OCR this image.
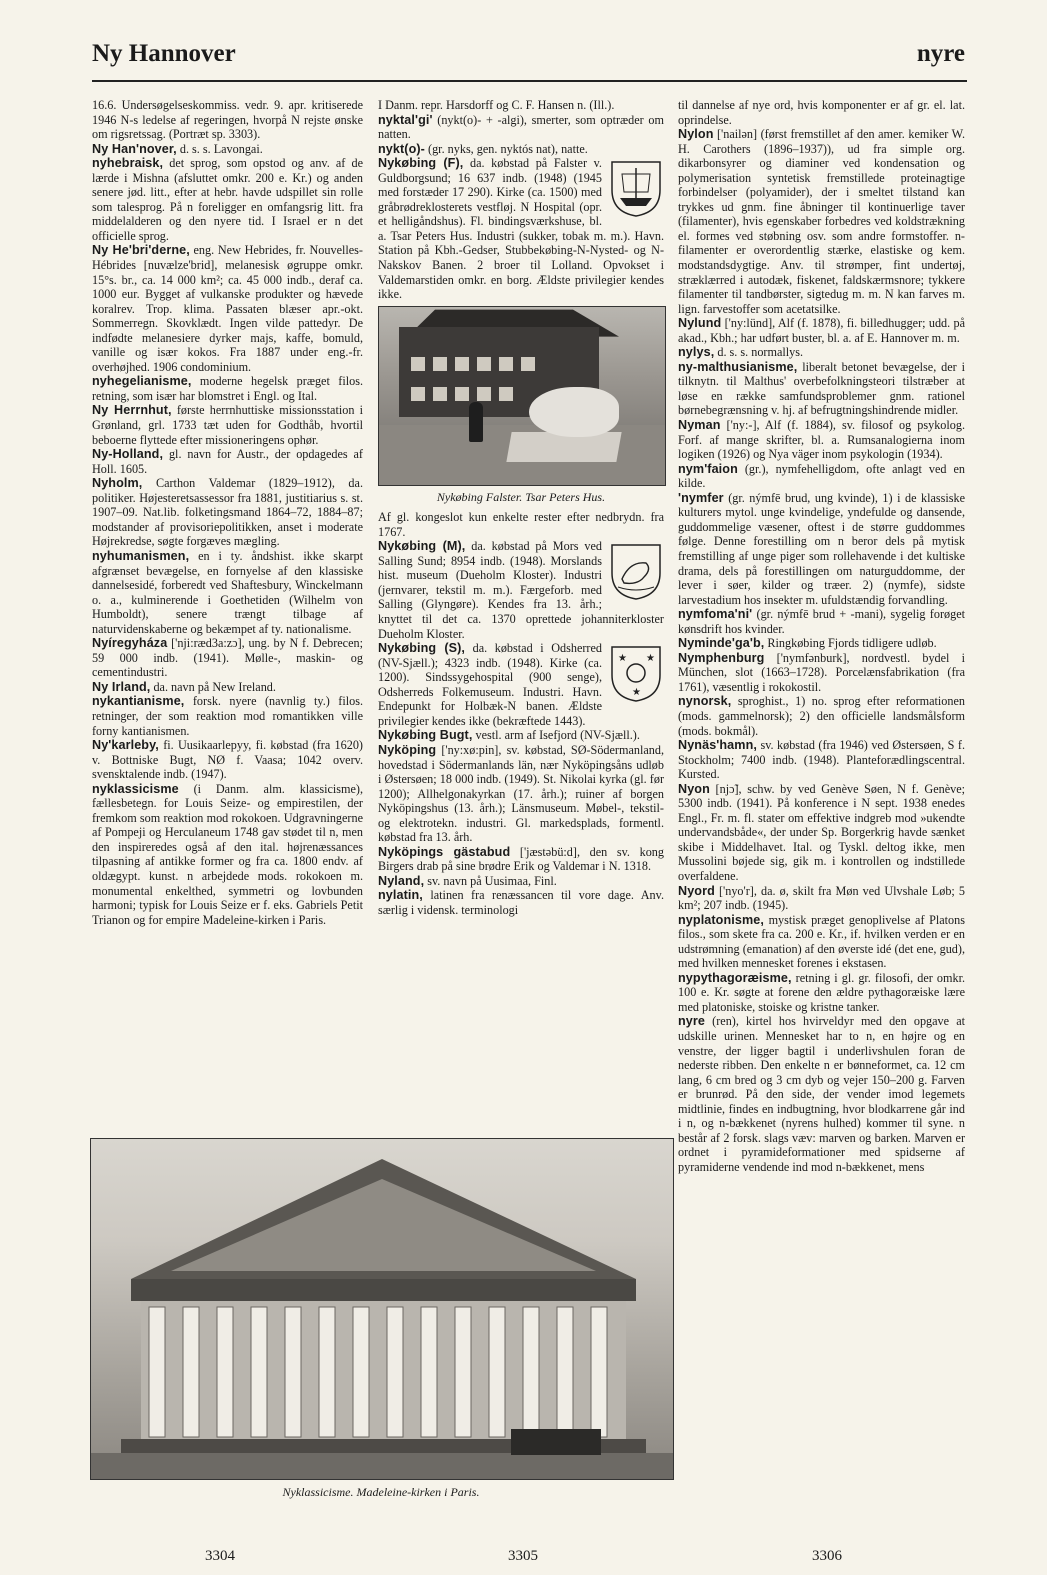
Ny Hannover	nyre

16.6. Undersøgelseskommiss. vedr. 9. apr. kritiserede 1946 N-s ledelse af regeringen, hvorpå N rejste ønske om rigsretssag. (Portræt sp. 3303).

Ny Han'nover, d. s. s. Lavongai.

nyhebraisk, det sprog, som opstod og anv. af de lærde i Mishna (afsluttet omkr. 200 e. Kr.) og anden senere jød. litt., efter at hebr. havde udspillet sin rolle som talesprog. På n foreligger en omfangsrig litt. fra middelalderen og den nyere tid. I Israel er n det officielle sprog.

Ny He'bri'derne, eng. New Hebrides, fr. Nouvelles-Hébrides [nuvælze'brid], melanesisk øgruppe omkr. 15°s. br., ca. 14 000 km²; ca. 45 000 indb., deraf ca. 1000 eur. Bygget af vulkanske produkter og hævede koralrev. Trop. klima. Passaten blæser apr.-okt. Sommerregn. Skovklædt. Ingen vilde pattedyr. De indfødte melanesiere dyrker majs, kaffe, bomuld, vanille og især kokos. Fra 1887 under eng.-fr. overhøjhed. 1906 condominium.

nyhegelianisme, moderne hegelsk præget filos. retning, som især har blomstret i Engl. og Ital.

Ny Herrnhut, første herrnhuttiske missionsstation i Grønland, grl. 1733 tæt uden for Godthåb, hvortil beboerne flyttede efter missioneringens ophør.

Ny-Holland, gl. navn for Austr., der opdagedes af Holl. 1605.

Nyholm, Carthon Valdemar (1829–1912), da. politiker. Højesteretsassessor fra 1881, justitiarius s. st. 1907–09. Nat.lib. folketingsmand 1864–72, 1884–87; modstander af provisoriepolitikken, anset i moderate Højrekredse, søgte forgæves mægling.

nyhumanismen, en i ty. åndshist. ikke skarpt afgrænset bevægelse, en fornyelse af den klassiske dannelsesidé, forberedt ved Shaftesbury, Winckelmann o. a., kulminerende i Goethetiden (Wilhelm von Humboldt), senere trængt tilbage af naturvidenskaberne og bekæmpet af ty. nationalisme.

Nyíregyháza ['nji:ræd3a:zɔ], ung. by N f. Debrecen; 59 000 indb. (1941). Mølle-, maskin- og cementindustri.

Ny Irland, da. navn på New Ireland.

nykantianisme, forsk. nyere (navnlig ty.) filos. retninger, der som reaktion mod romantikken ville forny kantianismen.

Ny'karleby, fi. Uusikaarlepyy, fi. købstad (fra 1620) v. Bottniske Bugt, NØ f. Vaasa; 1042 overv. svensktalende indb. (1947).

nyklassicisme (i Danm. alm. klassicisme), fællesbetegn. for Louis Seize- og empirestilen, der fremkom som reaktion mod rokokoen. Udgravningerne af Pompeji og Herculaneum 1748 gav stødet til n, men den inspireredes også af den ital. højrenæssances tilpasning af antikke former og fra ca. 1800 endv. af oldægypt. kunst. n arbejdede mods. rokokoen m. monumental enkelthed, symmetri og lovbunden harmoni; typisk for Louis Seize er f. eks. Gabriels Petit Trianon og for empire Madeleine-kirken i Paris.

I Danm. repr. Harsdorff og C. F. Hansen n. (Ill.).

nyktal'gi' (nykt(o)- + -algi), smerter, som optræder om natten.

nykt(o)- (gr. nyks, gen. nyktós nat), natte.

Nykøbing (F), da. købstad på Falster v. Guldborgsund; 16 637 indb. (1948) (1945 med forstæder 17 290). Kirke (ca. 1500) med gråbrødreklosterets vestfløj. N Hospital (opr. et helligåndshus). Fl. bindingsværkshuse, bl. a. Tsar Peters Hus. Industri (sukker, tobak m. m.). Havn. Station på Kbh.-Gedser, Stubbekøbing-N-Nysted- og N-Nakskov Banen. 2 broer til Lolland. Opvokset i Valdemarstiden omkr. en borg. Ældste privilegier kendes ikke.

Nykøbing Falster. Tsar Peters Hus.

Af gl. kongeslot kun enkelte rester efter nedbrydn. fra 1767.

Nykøbing (M), da. købstad på Mors ved Salling Sund; 8954 indb. (1948). Morslands hist. museum (Dueholm Kloster). Industri (jernvarer, tekstil m. m.). Færgeforb. med Salling (Glyngøre). Kendes fra 13. årh.; knyttet til det ca. 1370 oprettede johanniterkloster Dueholm Kloster.

★ ★
★
Nykøbing (S), da. købstad i Odsherred (NV-Sjæll.); 4323 indb. (1948). Kirke (ca. 1200). Sindssygehospital (900 senge), Odsherreds Folkemuseum. Industri. Havn. Endepunkt for Holbæk-N banen. Ældste privilegier kendes ikke (bekræftede 1443).

Nykøbing Bugt, vestl. arm af Isefjord (NV-Sjæll.).

Nyköping ['ny:xø:pin], sv. købstad, SØ-Södermanland, hovedstad i Södermanlands län, nær Nyköpingsåns udløb i Østersøen; 18 000 indb. (1949). St. Nikolai kyrka (gl. før 1200); Allhelgonakyrkan (17. årh.); ruiner af borgen Nyköpingshus (13. årh.); Länsmuseum. Møbel-, tekstil- og elektrotekn. industri. Gl. markedsplads, formentl. købstad fra 13. årh.

Nyköpings gästabud ['jæstəbü:d], den sv. kong Birgers drab på sine brødre Erik og Valdemar i N. 1318.

Nyland, sv. navn på Uusimaa, Finl.

nylatin, latinen fra renæssancen til vore dage. Anv. særlig i vidensk. terminologi

til dannelse af nye ord, hvis komponenter er af gr. el. lat. oprindelse.

Nylon ['nailən] (først fremstillet af den amer. kemiker W. H. Carothers (1896–1937)), ud fra simple org. dikarbonsyrer og diaminer ved kondensation og polymerisation syntetisk fremstillede proteinagtige forbindelser (polyamider), der i smeltet tilstand kan trykkes ud gnm. fine åbninger til kontinuerlige taver (filamenter), hvis egenskaber forbedres ved koldstrækning el. formes ved støbning osv. som andre formstoffer. n-filamenter er overordentlig stærke, elastiske og kem. modstandsdygtige. Anv. til strømper, fint undertøj, stræklærred i autodæk, fiskenet, faldskærmsnore; tykkere filamenter til tandbørster, sigtedug m. m. N kan farves m. lign. farvestoffer som acetatsilke.

Nylund ['ny:lünd], Alf (f. 1878), fi. billedhugger; udd. på akad., Kbh.; har udført buster, bl. a. af E. Hannover m. m.

nylys, d. s. s. normallys.

ny-malthusianisme, liberalt betonet bevægelse, der i tilknytn. til Malthus' overbefolkningsteori tilstræber at løse en række samfundsproblemer gnm. rationel børnebegrænsning v. hj. af befrugtningshindrende midler.

Nyman ['ny:-], Alf (f. 1884), sv. filosof og psykolog. Forf. af mange skrifter, bl. a. Rumsanalogierna inom logiken (1926) og Nya väger inom psykologin (1934).

nym'faion (gr.), nymfehelligdom, ofte anlagt ved en kilde.

'nymfer (gr. nýmfē brud, ung kvinde), 1) i de klassiske kulturers mytol. unge kvindelige, yndefulde og dansende, guddommelige væsener, oftest i de større guddommes følge. Denne forestilling om n beror dels på mytisk fremstilling af unge piger som rollehavende i det kultiske drama, dels på forestillingen om naturguddomme, der lever i søer, kilder og træer. 2) (nymfe), sidste larvestadium hos insekter m. ufuldstændig forvandling.

nymfoma'ni' (gr. nýmfē brud + -mani), sygelig forøget kønsdrift hos kvinder.

Nyminde'ga'b, Ringkøbing Fjords tidligere udløb.

Nymphenburg ['nymfənburk], nordvestl. bydel i München, slot (1663–1728). Porcelænsfabrikation (fra 1761), væsentlig i rokokostil.

nynorsk, sproghist., 1) no. sprog efter reformationen (mods. gammelnorsk); 2) den officielle landsmålsform (mods. bokmål).

Nynäs'hamn, sv. købstad (fra 1946) ved Østersøen, S f. Stockholm; 7400 indb. (1948). Planteforædlingscentral. Kursted.

Nyon [njɔ̃], schw. by ved Genève Søen, N f. Genève; 5300 indb. (1941). På konference i N sept. 1938 enedes Engl., Fr. m. fl. stater om effektive indgreb mod »ukendte undervandsbåde«, der under Sp. Borgerkrig havde sænket skibe i Middelhavet. Ital. og Tyskl. deltog ikke, men Mussolini bøjede sig, gik m. i kontrollen og indstillede overfaldene.

Nyord ['nyo'r], da. ø, skilt fra Møn ved Ulvshale Løb; 5 km²; 207 indb. (1945).

nyplatonisme, mystisk præget genoplivelse af Platons filos., som skete fra ca. 200 e. Kr., if. hvilken verden er en udstrømning (emanation) af den øverste idé (det ene, gud), med hvilken mennesket forenes i ekstasen.

nypythagoræisme, retning i gl. gr. filosofi, der omkr. 100 e. Kr. søgte at forene den ældre pythagoræiske lære med platoniske, stoiske og kristne tanker.

nyre (ren), kirtel hos hvirveldyr med den opgave at udskille urinen. Mennesket har to n, en højre og en venstre, der ligger bagtil i underlivshulen foran de nederste ribben. Den enkelte n er bønneformet, ca. 12 cm lang, 6 cm bred og 3 cm dyb og vejer 150–200 g. Farven er brunrød. På den side, der vender imod legemets midtlinie, findes en indbugtning, hvor blodkarrene går ind i n, og n-bækkenet (nyrens hulhed) kommer til syne. n består af 2 forsk. slags væv: marven og barken. Marven er ordnet i pyramideformationer med spidserne af pyramiderne vendende ind mod n-bækkenet, mens

Nyklassicisme. Madeleine-kirken i Paris.
3304	3305	3306
